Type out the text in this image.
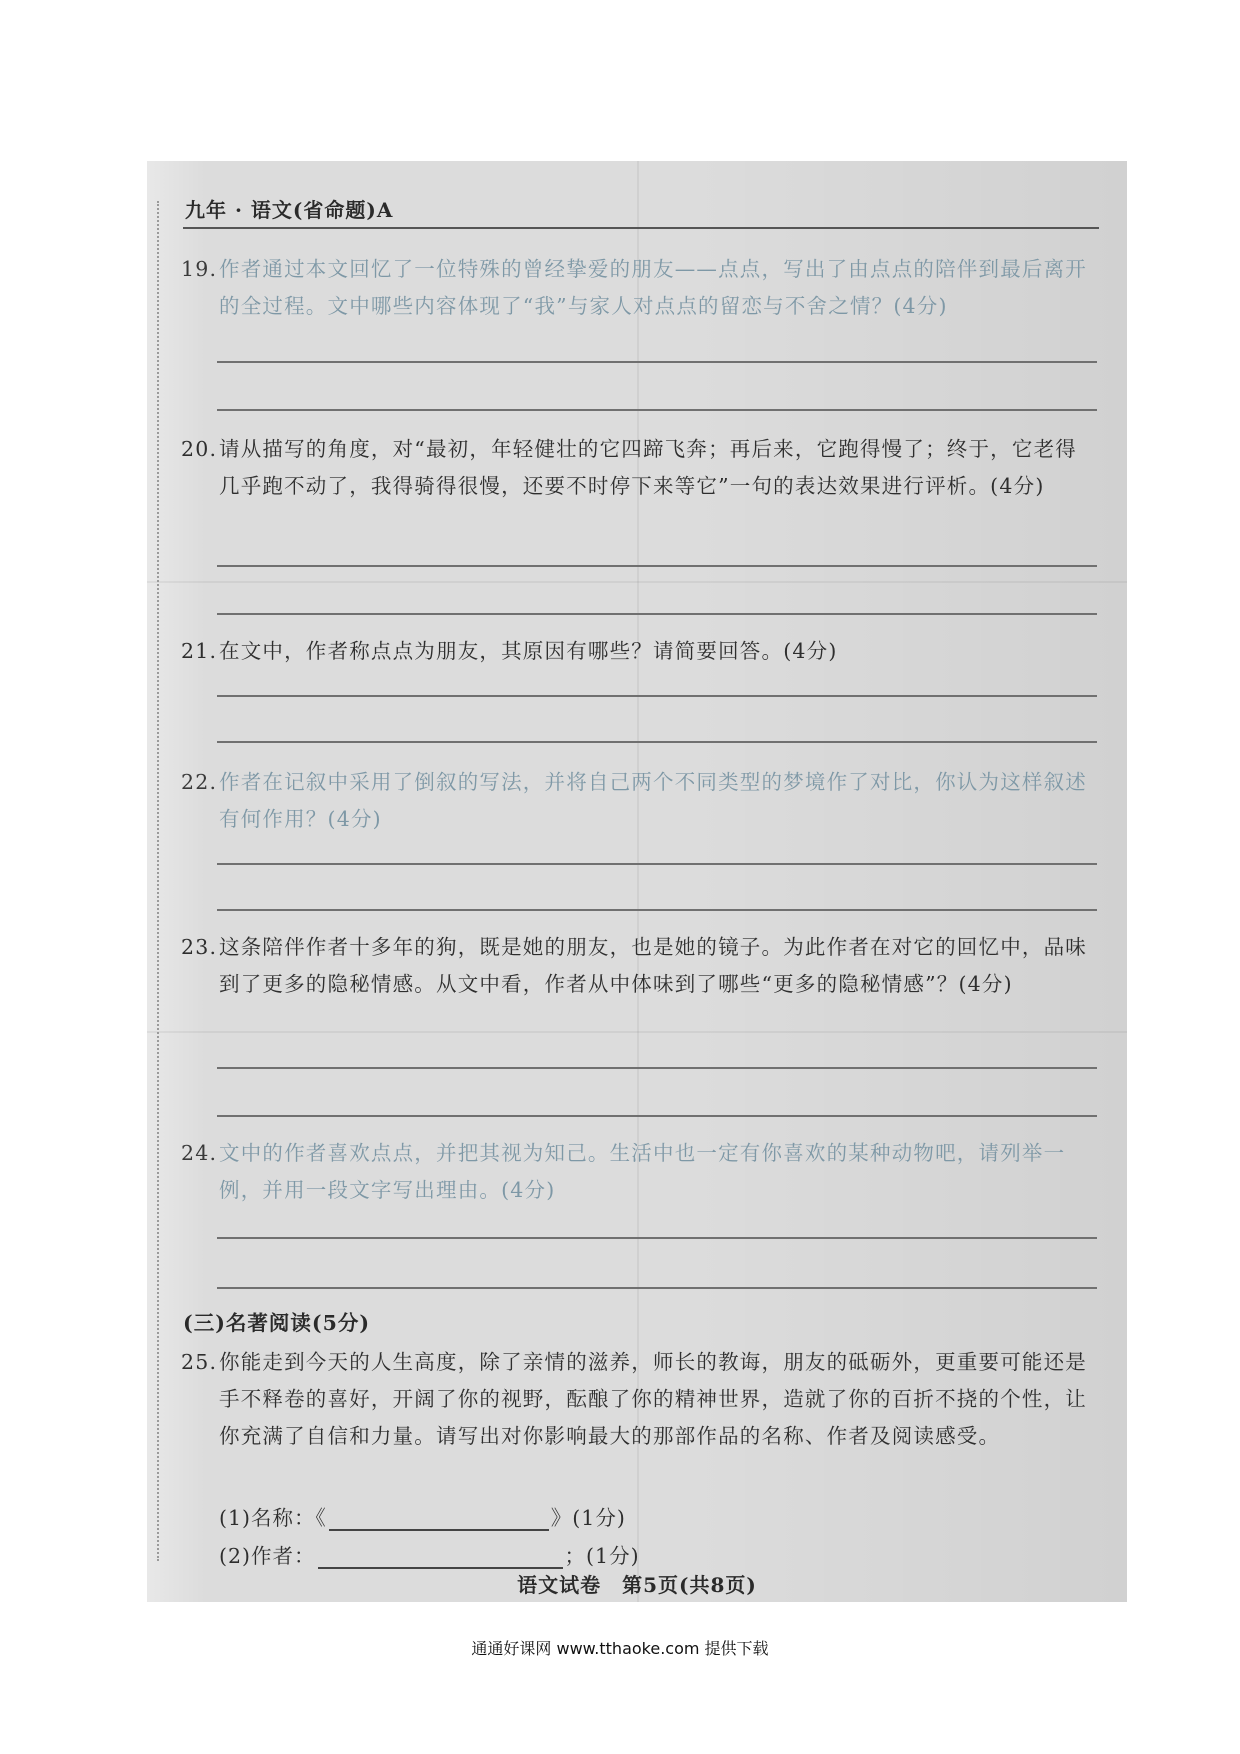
九年 · 语文(省命题)A
19. 作者通过本文回忆了一位特殊的曾经挚爱的朋友——点点，写出了由点点的陪伴到最后离开的全过程。文中哪些内容体现了“我”与家人对点点的留恋与不舍之情？(4分)
20. 请从描写的角度，对“最初，年轻健壮的它四蹄飞奔；再后来，它跑得慢了；终于，它老得几乎跑不动了，我得骑得很慢，还要不时停下来等它”一句的表达效果进行评析。(4分)
21. 在文中，作者称点点为朋友，其原因有哪些？请简要回答。(4分)
22. 作者在记叙中采用了倒叙的写法，并将自己两个不同类型的梦境作了对比，你认为这样叙述有何作用？(4分)
23. 这条陪伴作者十多年的狗，既是她的朋友，也是她的镜子。为此作者在对它的回忆中，品味到了更多的隐秘情感。从文中看，作者从中体味到了哪些“更多的隐秘情感”？(4分)
24. 文中的作者喜欢点点，并把其视为知己。生活中也一定有你喜欢的某种动物吧，请列举一例，并用一段文字写出理由。(4分)
(三)名著阅读(5分)
25. 你能走到今天的人生高度，除了亲情的滋养，师长的教诲，朋友的砥砺外，更重要可能还是手不释卷的喜好，开阔了你的视野，酝酿了你的精神世界，造就了你的百折不挠的个性，让你充满了自信和力量。请写出对你影响最大的那部作品的名称、作者及阅读感受。
(1)名称：《	》 (1分)
(2)作者：	；(1分)
语文试卷　第5页(共8页)
通通好课网 www.tthaoke.com 提供下载
